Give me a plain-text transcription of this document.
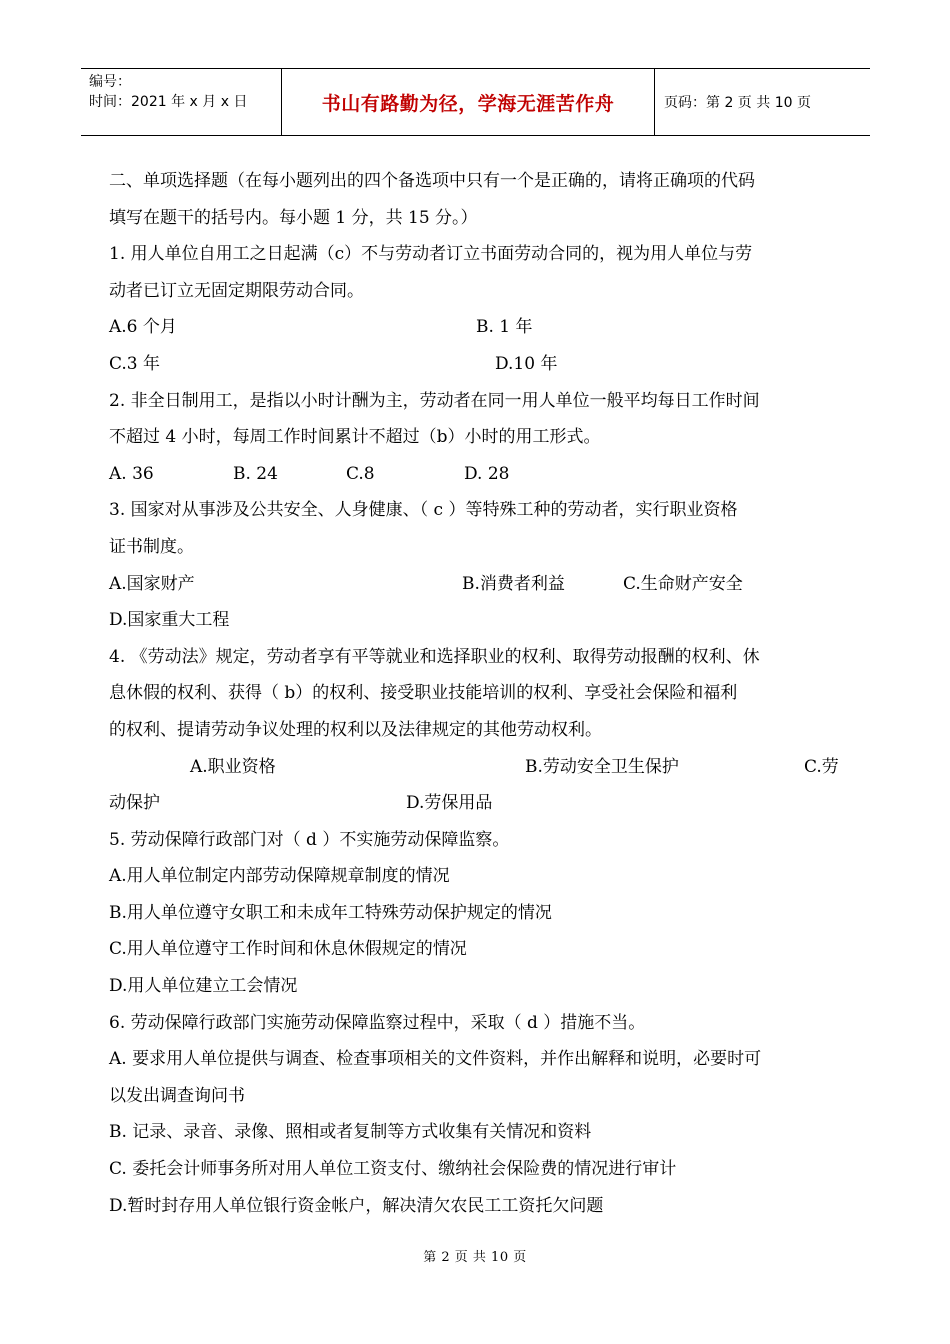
编号：
时间：2021 年 x 月 x 日	书山有路勤为径，学海无涯苦作舟	页码：第 2 页 共 10 页
二、单项选择题（在每小题列出的四个备选项中只有一个是正确的，请将正确项的代码
填写在题干的括号内。每小题 1 分，共 15 分。）
1. 用人单位自用工之日起满（c）不与劳动者订立书面劳动合同的，视为用人单位与劳
动者已订立无固定期限劳动合同。
A.6 个月	B. 1 年
C.3 年	D.10 年
2. 非全日制用工，是指以小时计酬为主，劳动者在同一用人单位一般平均每日工作时间
不超过 4 小时，每周工作时间累计不超过（b）小时的用工形式。
A. 36	B. 24	C.8	D. 28
3. 国家对从事涉及公共安全、人身健康、（ c ）等特殊工种的劳动者，实行职业资格
证书制度。
A.国家财产	B.消费者利益	C.生命财产安全
D.国家重大工程
4. 《劳动法》规定，劳动者享有平等就业和选择职业的权利、取得劳动报酬的权利、休
息休假的权利、获得（ b）的权利、接受职业技能培训的权利、享受社会保险和福利
的权利、提请劳动争议处理的权利以及法律规定的其他劳动权利。
A.职业资格	B.劳动安全卫生保护	C.劳
动保护	D.劳保用品
5. 劳动保障行政部门对（ d ）不实施劳动保障监察。
A.用人单位制定内部劳动保障规章制度的情况
B.用人单位遵守女职工和未成年工特殊劳动保护规定的情况
C.用人单位遵守工作时间和休息休假规定的情况
D.用人单位建立工会情况
6. 劳动保障行政部门实施劳动保障监察过程中，采取（ d ）措施不当。
A. 要求用人单位提供与调查、检查事项相关的文件资料，并作出解释和说明，必要时可
以发出调查询问书
B. 记录、录音、录像、照相或者复制等方式收集有关情况和资料
C. 委托会计师事务所对用人单位工资支付、缴纳社会保险费的情况进行审计
D.暂时封存用人单位银行资金帐户，解决清欠农民工工资托欠问题
第 2 页 共 10 页
